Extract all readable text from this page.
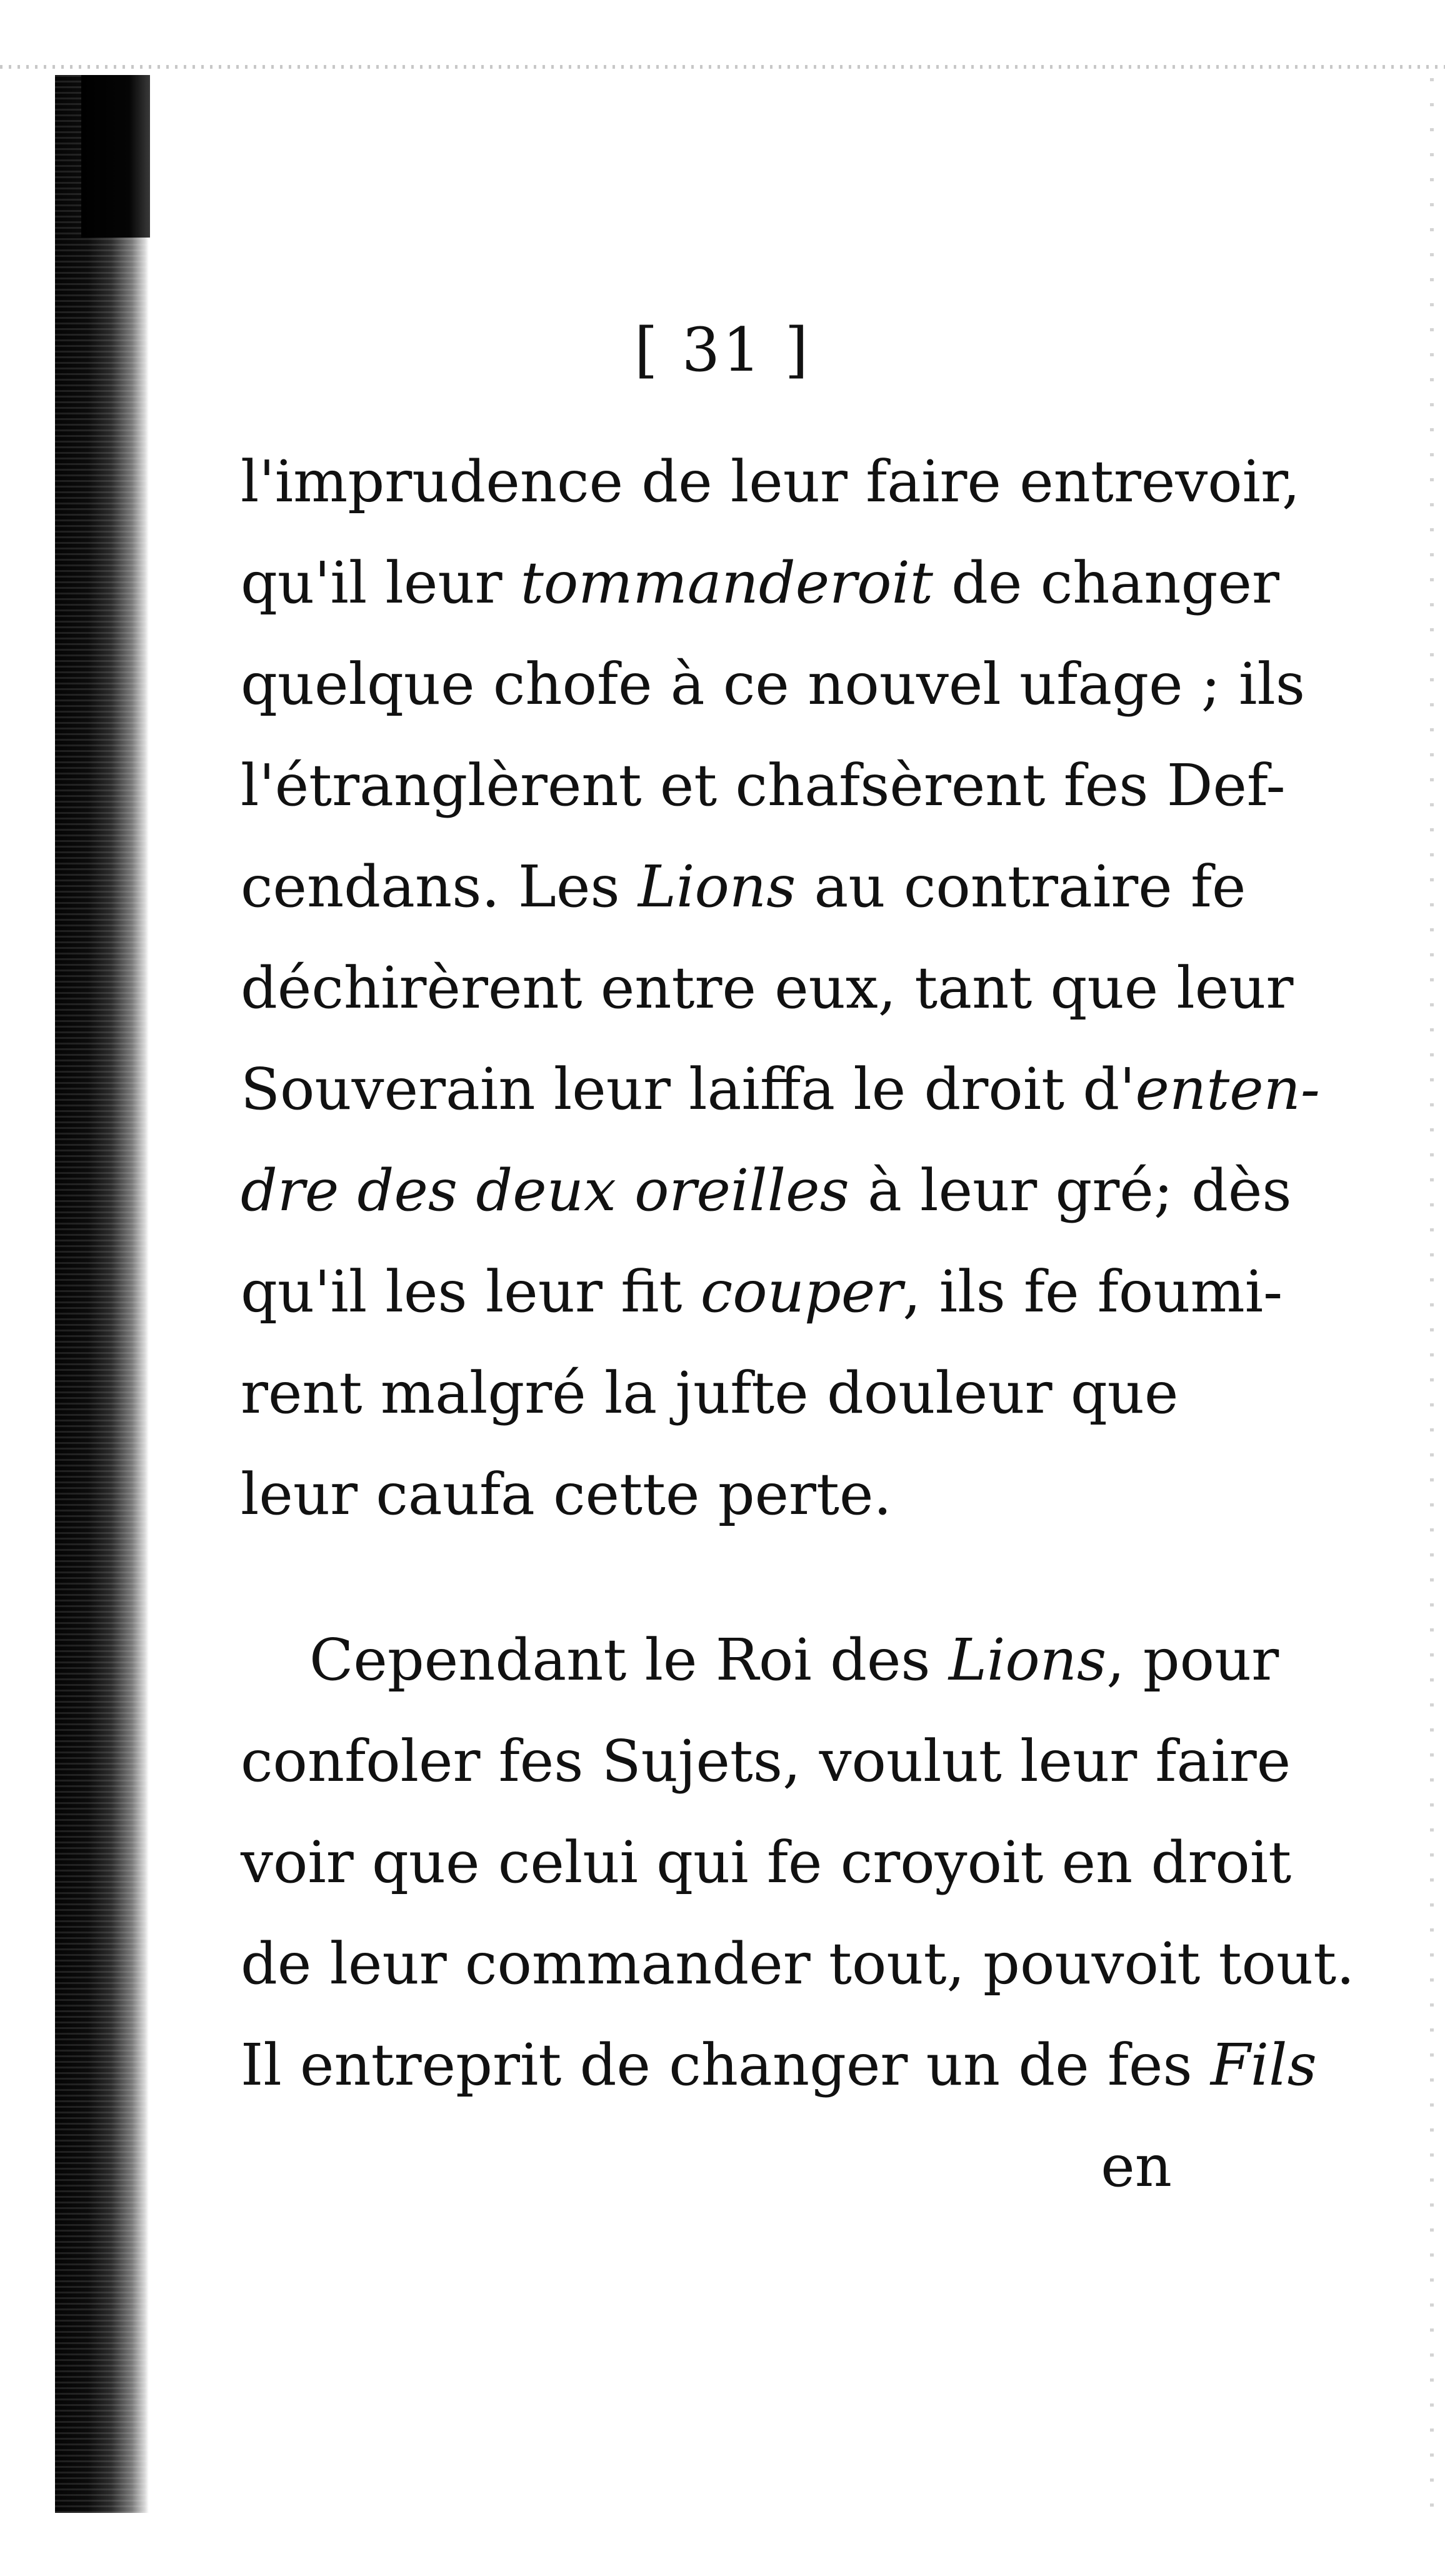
[ 31 ]
l'imprudence de leur faire entrevoir,
qu'il leur tommanderoit de changer
quelque chofe à ce nouvel ufage ; ils
l'étranglèrent et chafsèrent fes Def-
cendans. Les Lions au contraire fe
déchirèrent entre eux, tant que leur
Souverain leur laiffa le droit d'enten-
dre des deux oreilles à leur gré; dès
qu'il les leur fit couper, ils fe foumi-
rent malgré la jufte douleur que
leur caufa cette perte.
Cependant le Roi des Lions, pour
confoler fes Sujets, voulut leur faire
voir que celui qui fe croyoit en droit
de leur commander tout, pouvoit tout.
Il entreprit de changer un de fes Fils
en
